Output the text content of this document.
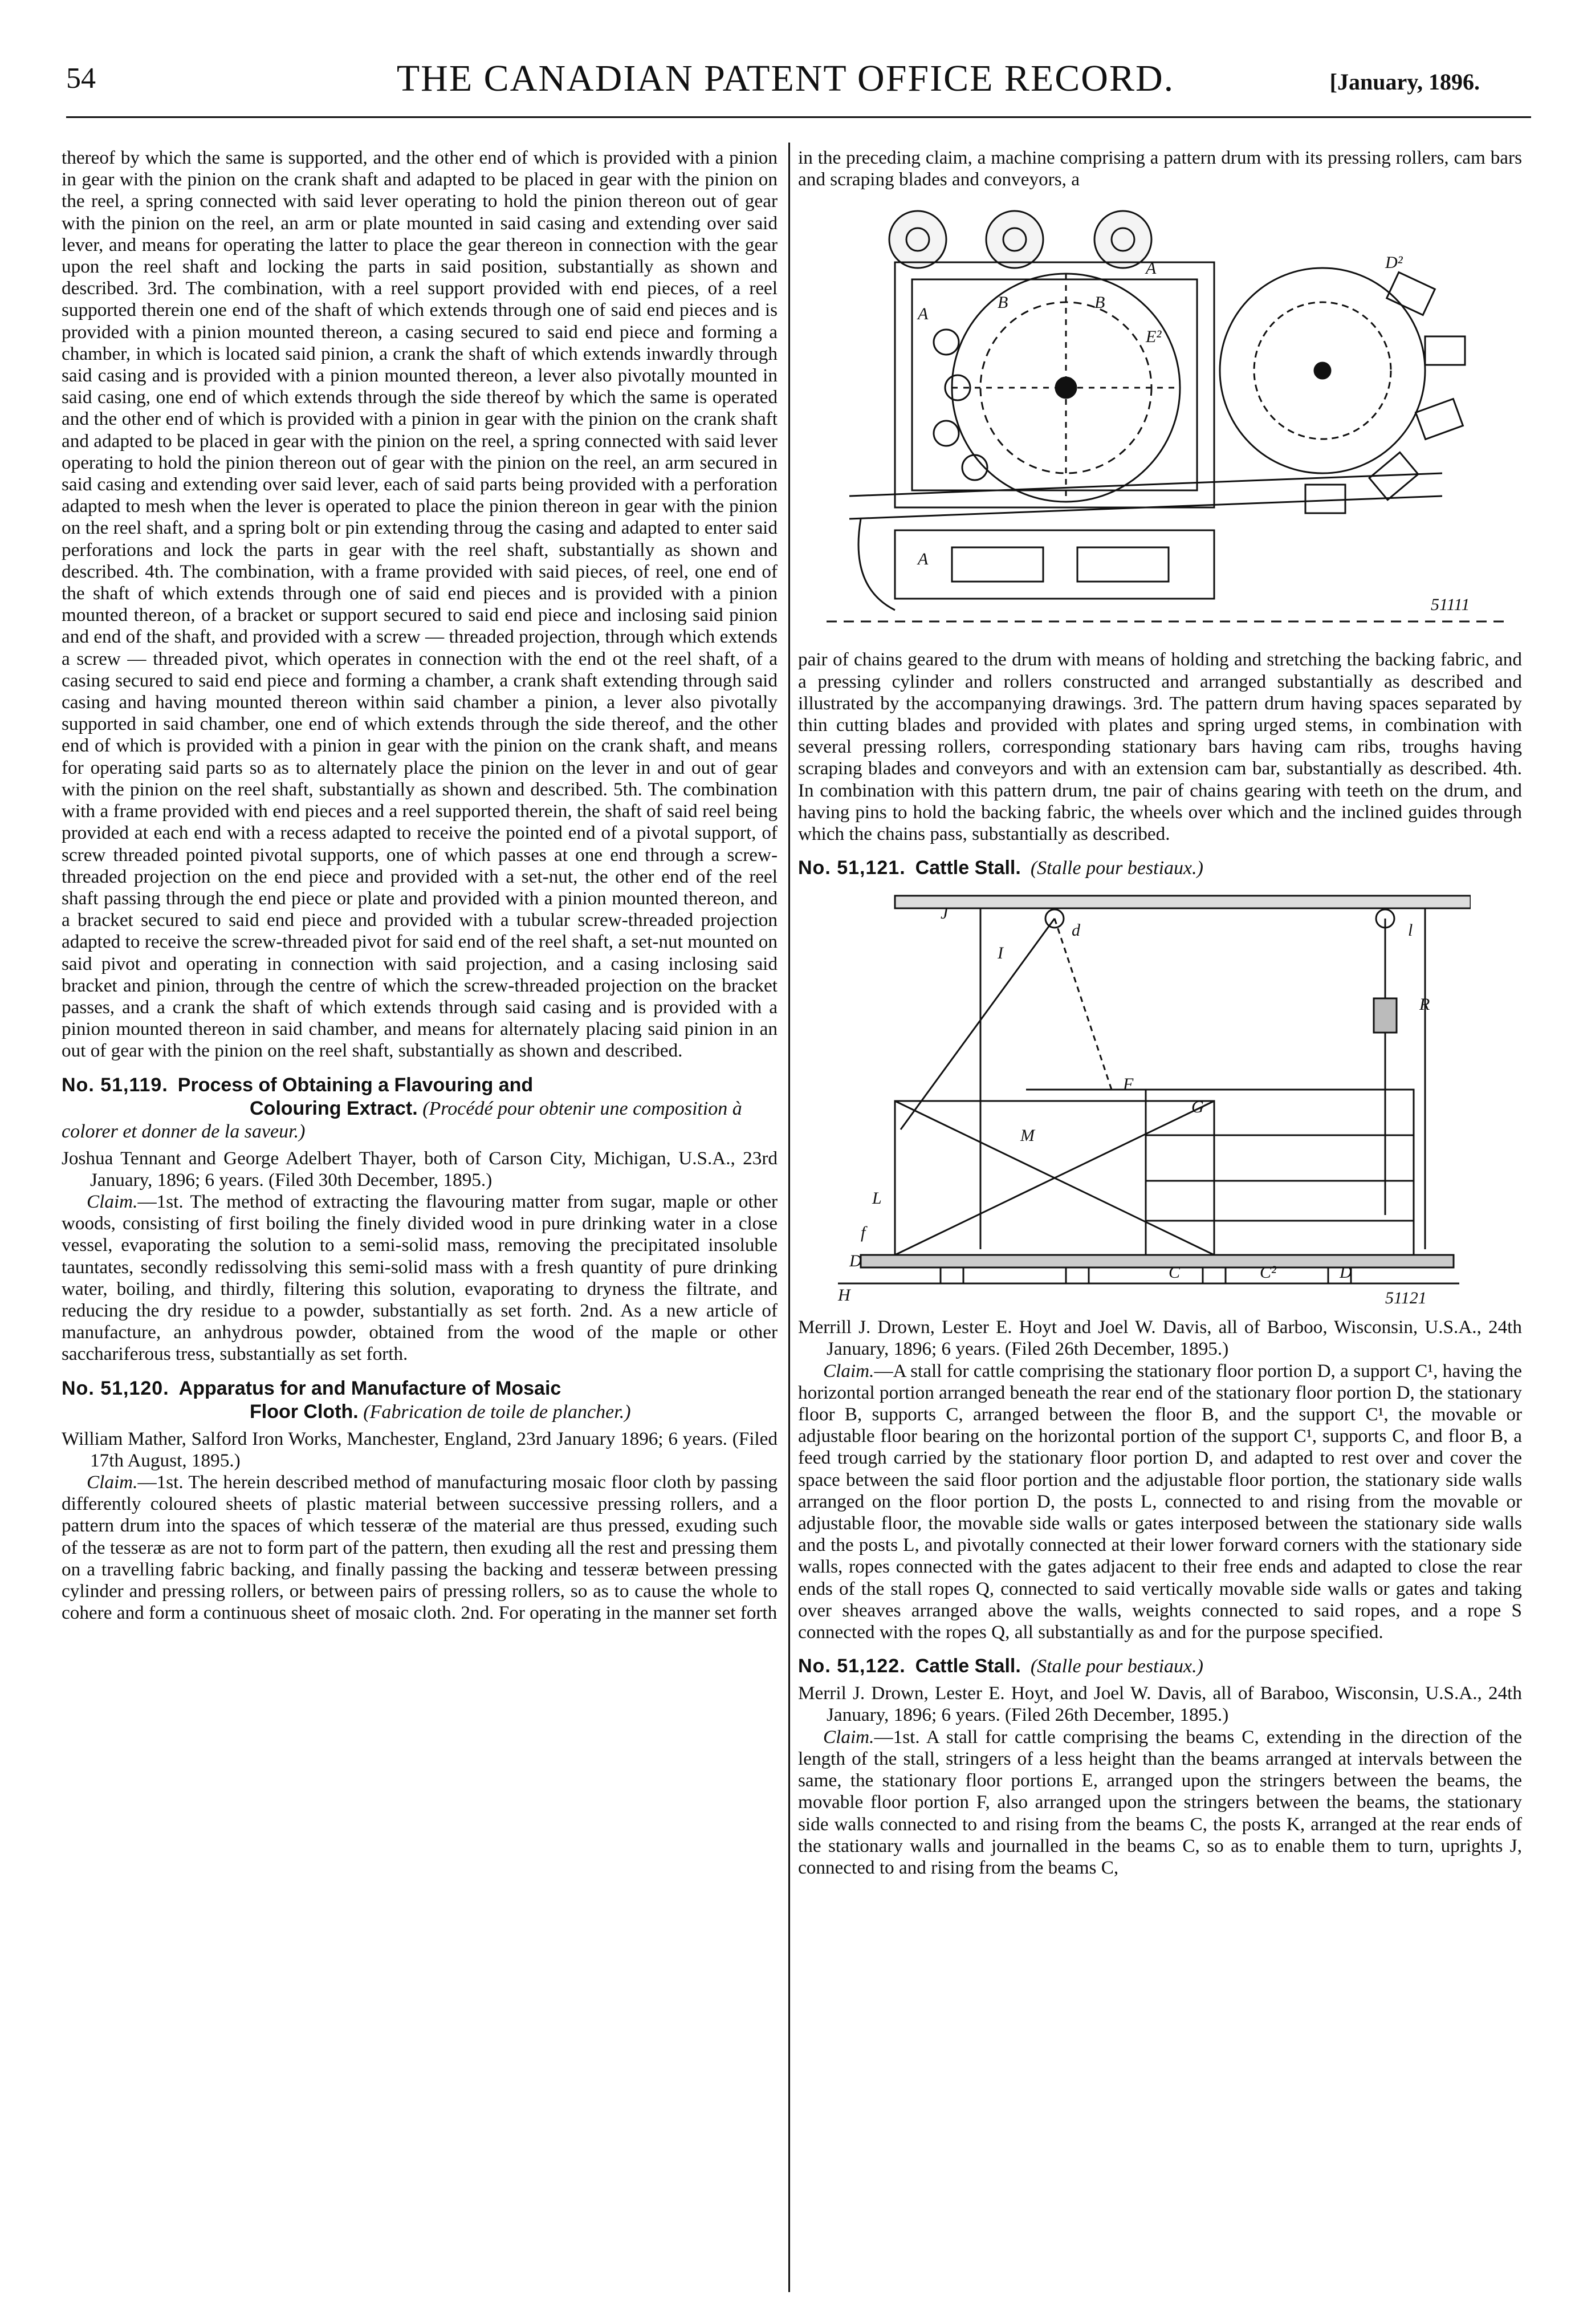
54	THE CANADIAN PATENT OFFICE RECORD.	[January, 1896.

thereof by which the same is supported, and the other end of which is provided with a pinion in gear with the pinion on the crank shaft and adapted to be placed in gear with the pinion on the reel, a spring connected with said lever operating to hold the pinion thereon out of gear with the pinion on the reel, an arm or plate mounted in said casing and extending over said lever, and means for operating the latter to place the gear thereon in connection with the gear upon the reel shaft and locking the parts in said position, substantially as shown and described. 3rd. The combination, with a reel support provided with end pieces, of a reel supported therein one end of the shaft of which extends through one of said end pieces and is provided with a pinion mounted thereon, a casing secured to said end piece and forming a chamber, in which is located said pinion, a crank the shaft of which extends inwardly through said casing and is provided with a pinion mounted thereon, a lever also pivotally mounted in said casing, one end of which extends through the side thereof by which the same is operated and the other end of which is provided with a pinion in gear with the pinion on the crank shaft and adapted to be placed in gear with the pinion on the reel, a spring connected with said lever operating to hold the pinion thereon out of gear with the pinion on the reel, an arm secured in said casing and extending over said lever, each of said parts being provided with a perforation adapted to mesh when the lever is operated to place the pinion thereon in gear with the pinion on the reel shaft, and a spring bolt or pin extending throug the casing and adapted to enter said perforations and lock the parts in gear with the reel shaft, substantially as shown and described. 4th. The combination, with a frame provided with said pieces, of reel, one end of the shaft of which extends through one of said end pieces and is provided with a pinion mounted thereon, of a bracket or support secured to said end piece and inclosing said pinion and end of the shaft, and provided with a screw — threaded projection, through which extends a screw — threaded pivot, which operates in connection with the end ot the reel shaft, of a casing secured to said end piece and forming a chamber, a crank shaft extending through said casing and having mounted thereon within said chamber a pinion, a lever also pivotally supported in said chamber, one end of which extends through the side thereof, and the other end of which is provided with a pinion in gear with the pinion on the crank shaft, and means for operating said parts so as to alternately place the pinion on the lever in and out of gear with the pinion on the reel shaft, substantially as shown and described. 5th. The combination with a frame provided with end pieces and a reel supported therein, the shaft of said reel being provided at each end with a recess adapted to receive the pointed end of a pivotal support, of screw threaded pointed pivotal supports, one of which passes at one end through a screw-threaded projection on the end piece and provided with a set-nut, the other end of the reel shaft passing through the end piece or plate and provided with a pinion mounted thereon, and a bracket secured to said end piece and provided with a tubular screw-threaded projection adapted to receive the screw-threaded pivot for said end of the reel shaft, a set-nut mounted on said pivot and operating in connection with said projection, and a casing inclosing said bracket and pinion, through the centre of which the screw-threaded projection on the bracket passes, and a crank the shaft of which extends through said casing and is provided with a pinion mounted thereon in said chamber, and means for alternately placing said pinion in an out of gear with the pinion on the reel shaft, substantially as shown and described.

No. 51,119. Process of Obtaining a Flavouring and
Colouring Extract. (Procédé pour obtenir une composition à colorer et donner de la saveur.)

Joshua Tennant and George Adelbert Thayer, both of Carson City, Michigan, U.S.A., 23rd January, 1896; 6 years. (Filed 30th December, 1895.)

Claim.—1st. The method of extracting the flavouring matter from sugar, maple or other woods, consisting of first boiling the finely divided wood in pure drinking water in a close vessel, evaporating the solution to a semi-solid mass, removing the precipitated insoluble tauntates, secondly redissolving this semi-solid mass with a fresh quantity of pure drinking water, boiling, and thirdly, filtering this solution, evaporating to dryness the filtrate, and reducing the dry residue to a powder, substantially as set forth. 2nd. As a new article of manufacture, an anhydrous powder, obtained from the wood of the maple or other sacchariferous tress, substantially as set forth.

No. 51,120. Apparatus for and Manufacture of Mosaic
Floor Cloth. (Fabrication de toile de plancher.)

William Mather, Salford Iron Works, Manchester, England, 23rd January 1896; 6 years. (Filed 17th August, 1895.)

Claim.—1st. The herein described method of manufacturing mosaic floor cloth by passing differently coloured sheets of plastic material between successive pressing rollers, and a pattern drum into the spaces of which tesseræ of the material are thus pressed, exuding such of the tesseræ as are not to form part of the pattern, then exuding all the rest and pressing them on a travelling fabric backing, and finally passing the backing and tesseræ between pressing cylinder and pressing rollers, or between pairs of pressing rollers, so as to cause the whole to cohere and form a continuous sheet of mosaic cloth. 2nd. For operating in the manner set forth

in the preceding claim, a machine comprising a pattern drum with its pressing rollers, cam bars and scraping blades and conveyors, a

A
A
B	B
E²
D²
A
51111

pair of chains geared to the drum with means of holding and stretching the backing fabric, and a pressing cylinder and rollers constructed and arranged substantially as described and illustrated by the accompanying drawings. 3rd. The pattern drum having spaces separated by thin cutting blades and provided with plates and spring urged stems, in combination with several pressing rollers, corresponding stationary bars having cam ribs, troughs having scraping blades and conveyors and with an extension cam bar, substantially as described. 4th. In combination with this pattern drum, tne pair of chains gearing with teeth on the drum, and having pins to hold the backing fabric, the wheels over which and the inclined guides through which the chains pass, substantially as described.

No. 51,121. Cattle Stall. (Stalle pour bestiaux.)
J
I
d	l
R
F
G
L
f
D
M
C	C²	D
H	51121

Merrill J. Drown, Lester E. Hoyt and Joel W. Davis, all of Barboo, Wisconsin, U.S.A., 24th January, 1896; 6 years. (Filed 26th December, 1895.)

Claim.—A stall for cattle comprising the stationary floor portion D, a support C¹, having the horizontal portion arranged beneath the rear end of the stationary floor portion D, the stationary floor B, supports C, arranged between the floor B, and the support C¹, the movable or adjustable floor bearing on the horizontal portion of the support C¹, supports C, and floor B, a feed trough carried by the stationary floor portion D, and adapted to rest over and cover the space between the said floor portion and the adjustable floor portion, the stationary side walls arranged on the floor portion D, the posts L, connected to and rising from the movable or adjustable floor, the movable side walls or gates interposed between the stationary side walls and the posts L, and pivotally connected at their lower forward corners with the stationary side walls, ropes connected with the gates adjacent to their free ends and adapted to close the rear ends of the stall ropes Q, connected to said vertically movable side walls or gates and taking over sheaves arranged above the walls, weights connected to said ropes, and a rope S connected with the ropes Q, all substantially as and for the purpose specified.

No. 51,122. Cattle Stall. (Stalle pour bestiaux.)

Merril J. Drown, Lester E. Hoyt, and Joel W. Davis, all of Baraboo, Wisconsin, U.S.A., 24th January, 1896; 6 years. (Filed 26th December, 1895.)

Claim.—1st. A stall for cattle comprising the beams C, extending in the direction of the length of the stall, stringers of a less height than the beams arranged at intervals between the same, the stationary floor portions E, arranged upon the stringers between the beams, the movable floor portion F, also arranged upon the stringers between the beams, the stationary side walls connected to and rising from the beams C, the posts K, arranged at the rear ends of the stationary walls and journalled in the beams C, so as to enable them to turn, uprights J, connected to and rising from the beams C,
